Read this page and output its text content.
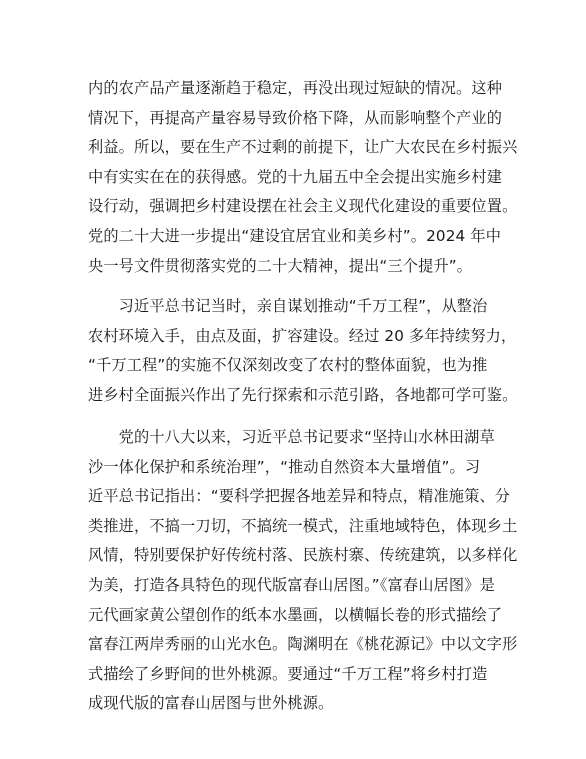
内的农产品产量逐渐趋于稳定，再没出现过短缺的情况。这种
情况下，再提高产量容易导致价格下降，从而影响整个产业的
利益。所以，要在生产不过剩的前提下，让广大农民在乡村振兴
中有实实在在的获得感。党的十九届五中全会提出实施乡村建
设行动，强调把乡村建设摆在社会主义现代化建设的重要位置。
党的二十大进一步提出“建设宜居宜业和美乡村”。2024 年中
央一号文件贯彻落实党的二十大精神，提出“三个提升”。
　　习近平总书记当时，亲自谋划推动“千万工程”，从整治
农村环境入手，由点及面，扩容建设。经过 20 多年持续努力，
“千万工程”的实施不仅深刻改变了农村的整体面貌，也为推
进乡村全面振兴作出了先行探索和示范引路，各地都可学可鉴。
　　党的十八大以来，习近平总书记要求“坚持山水林田湖草
沙一体化保护和系统治理”，“推动自然资本大量增值”。习
近平总书记指出：“要科学把握各地差异和特点，精准施策、分
类推进，不搞一刀切，不搞统一模式，注重地域特色，体现乡土
风情，特别要保护好传统村落、民族村寨、传统建筑，以多样化
为美，打造各具特色的现代版富春山居图。”《富春山居图》是
元代画家黄公望创作的纸本水墨画，以横幅长卷的形式描绘了
富春江两岸秀丽的山光水色。陶渊明在《桃花源记》中以文字形
式描绘了乡野间的世外桃源。要通过“千万工程”将乡村打造
成现代版的富春山居图与世外桃源。
